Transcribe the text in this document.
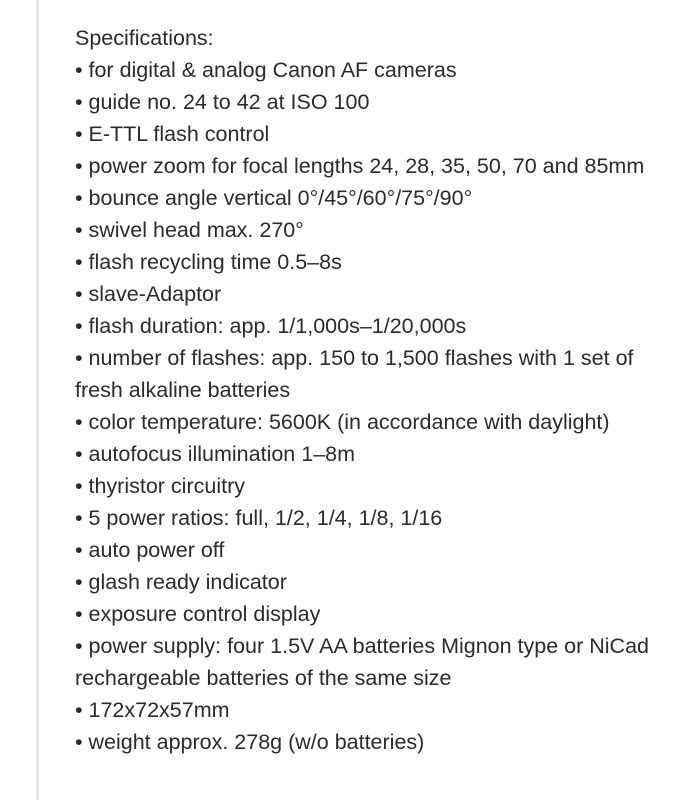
Specifications:

• for digital & analog Canon AF cameras
• guide no. 24 to 42 at ISO 100
• E-TTL flash control
• power zoom for focal lengths 24, 28, 35, 50, 70 and 85mm
• bounce angle vertical 0°/45°/60°/75°/90°
• swivel head max. 270°
• flash recycling time 0.5–8s
• slave-Adaptor
• flash duration: app. 1/1,000s–1/20,000s
• number of flashes: app. 150 to 1,500 flashes with 1 set of fresh alkaline batteries
• color temperature: 5600K (in accordance with daylight)
• autofocus illumination 1–8m
• thyristor circuitry
• 5 power ratios: full, 1/2, 1/4, 1/8, 1/16
• auto power off
• glash ready indicator
• exposure control display
• power supply: four 1.5V AA batteries Mignon type or NiCad rechargeable batteries of the same size
• 172x72x57mm
• weight approx. 278g (w/o batteries)
